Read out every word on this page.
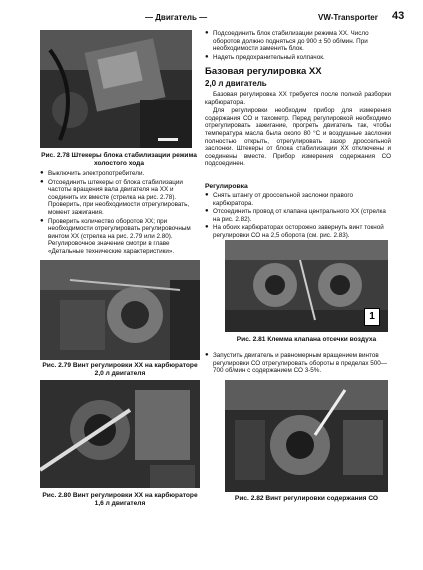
— Двигатель —	VW-Transporter 43
Рис. 2.78 Штекеры блока стабилизации режима холостого хода
● Выключить электропотребители.
● Отсоединить штекеры от блока стабилизации частоты вращения вала двигателя на ХХ и соединить их вместе (стрелка на рис. 2.78). Проверить, при необходимости отрегулировать, момент зажигания.
● Проверить количество оборотов ХХ; при необходимости отрегулировать регулировочным винтом ХХ (стрелка на рис. 2.79 или 2.80). Регулировочное значение смотри в главе «Детальные технические характеристики».
Рис. 2.79 Винт регулировки ХХ на карбюраторе 2,0 л двигателя
Рис. 2.80 Винт регулировки ХХ на карбюраторе 1,6 л двигателя
● Подсоединить блок стабилизации режима ХХ. Число оборотов должно подняться до 900 ± 50 об/мин. При необходимости заменить блок.
● Надеть предохранительный колпачок.
Базовая регулировка ХХ
2,0 л двигатель
Базовая регулировка ХХ требуется после полной разборки карбюратора.
Для регулировки необходим прибор для измерения содержания СО и тахометр. Перед регулировкой необходимо отрегулировать зажигание, прогреть двигатель так, чтобы температура масла была около 80 °С и воздушные заслонки полностью открыть, отрегулировать зазор дроссельной заслонки. Штекеры от блока стабилизации ХХ отключены и соединены вместе. Прибор измерения содержания СО подсоединен.
Регулировка
● Снять штангу от дроссельной заслонки правого карбюратора.
● Отсоединить провод от клапана центрального ХХ (стрелка на рис. 2.82).
● На обоих карбюраторах осторожно завернуть винт токной регулировки СО на 2,5 оборота (см. рис. 2.83).
1
Рис. 2.81 Клемма клапана отсечки воздуха
● Запустить двигатель и равномерным вращением винтов регулировки СО отрегулировать обороты в пределах 500—700 об/мин с содержанием СО 3-5%.
Рис. 2.82 Винт регулировки содержания СО
